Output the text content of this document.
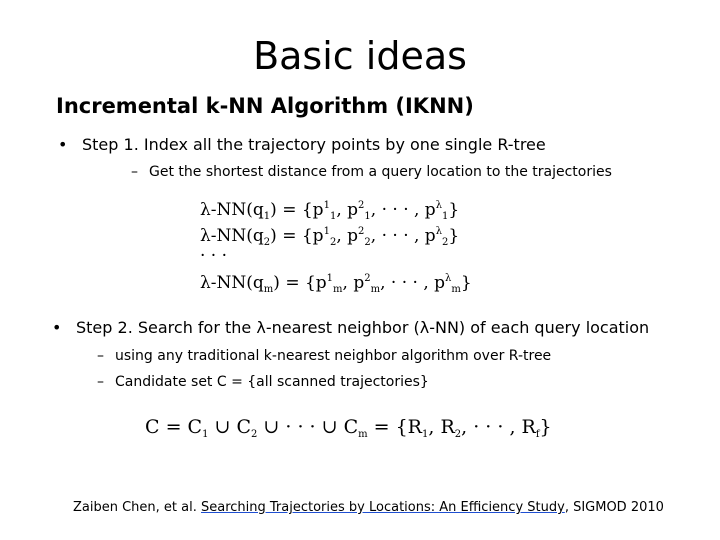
Basic ideas
Incremental k-NN Algorithm (IKNN)
• Step 1. Index all the trajectory points by one single R-tree
– Get the shortest distance from a query location to the trajectories
$\lambda-NN(q_1) = \{p^1_1$, $p^2_1$, · · · , $p^\lambda_1$}
$\lambda-NN(q_2) = \{p^1_2$, $p^2_2$, · · · , $p^\lambda_2$}
· · ·
$\lambda-NN(q_m) = \{p^1_m$, $p^2_m$, · · · , $p^\lambda_m$}
• Step 2. Search for the λ-nearest neighbor (λ-NN) of each query location
– using any traditional k-nearest neighbor algorithm over R-tree
– Candidate set C = {all scanned trajectories}
$C = C_1$ ∪ $C_2$ ∪ · · · ∪ $C_m = \{R_1$, $R_2$, · · · , $R_f$}
Zaiben Chen, et al. Searching Trajectories by Locations: An Efficiency Study, SIGMOD 2010
